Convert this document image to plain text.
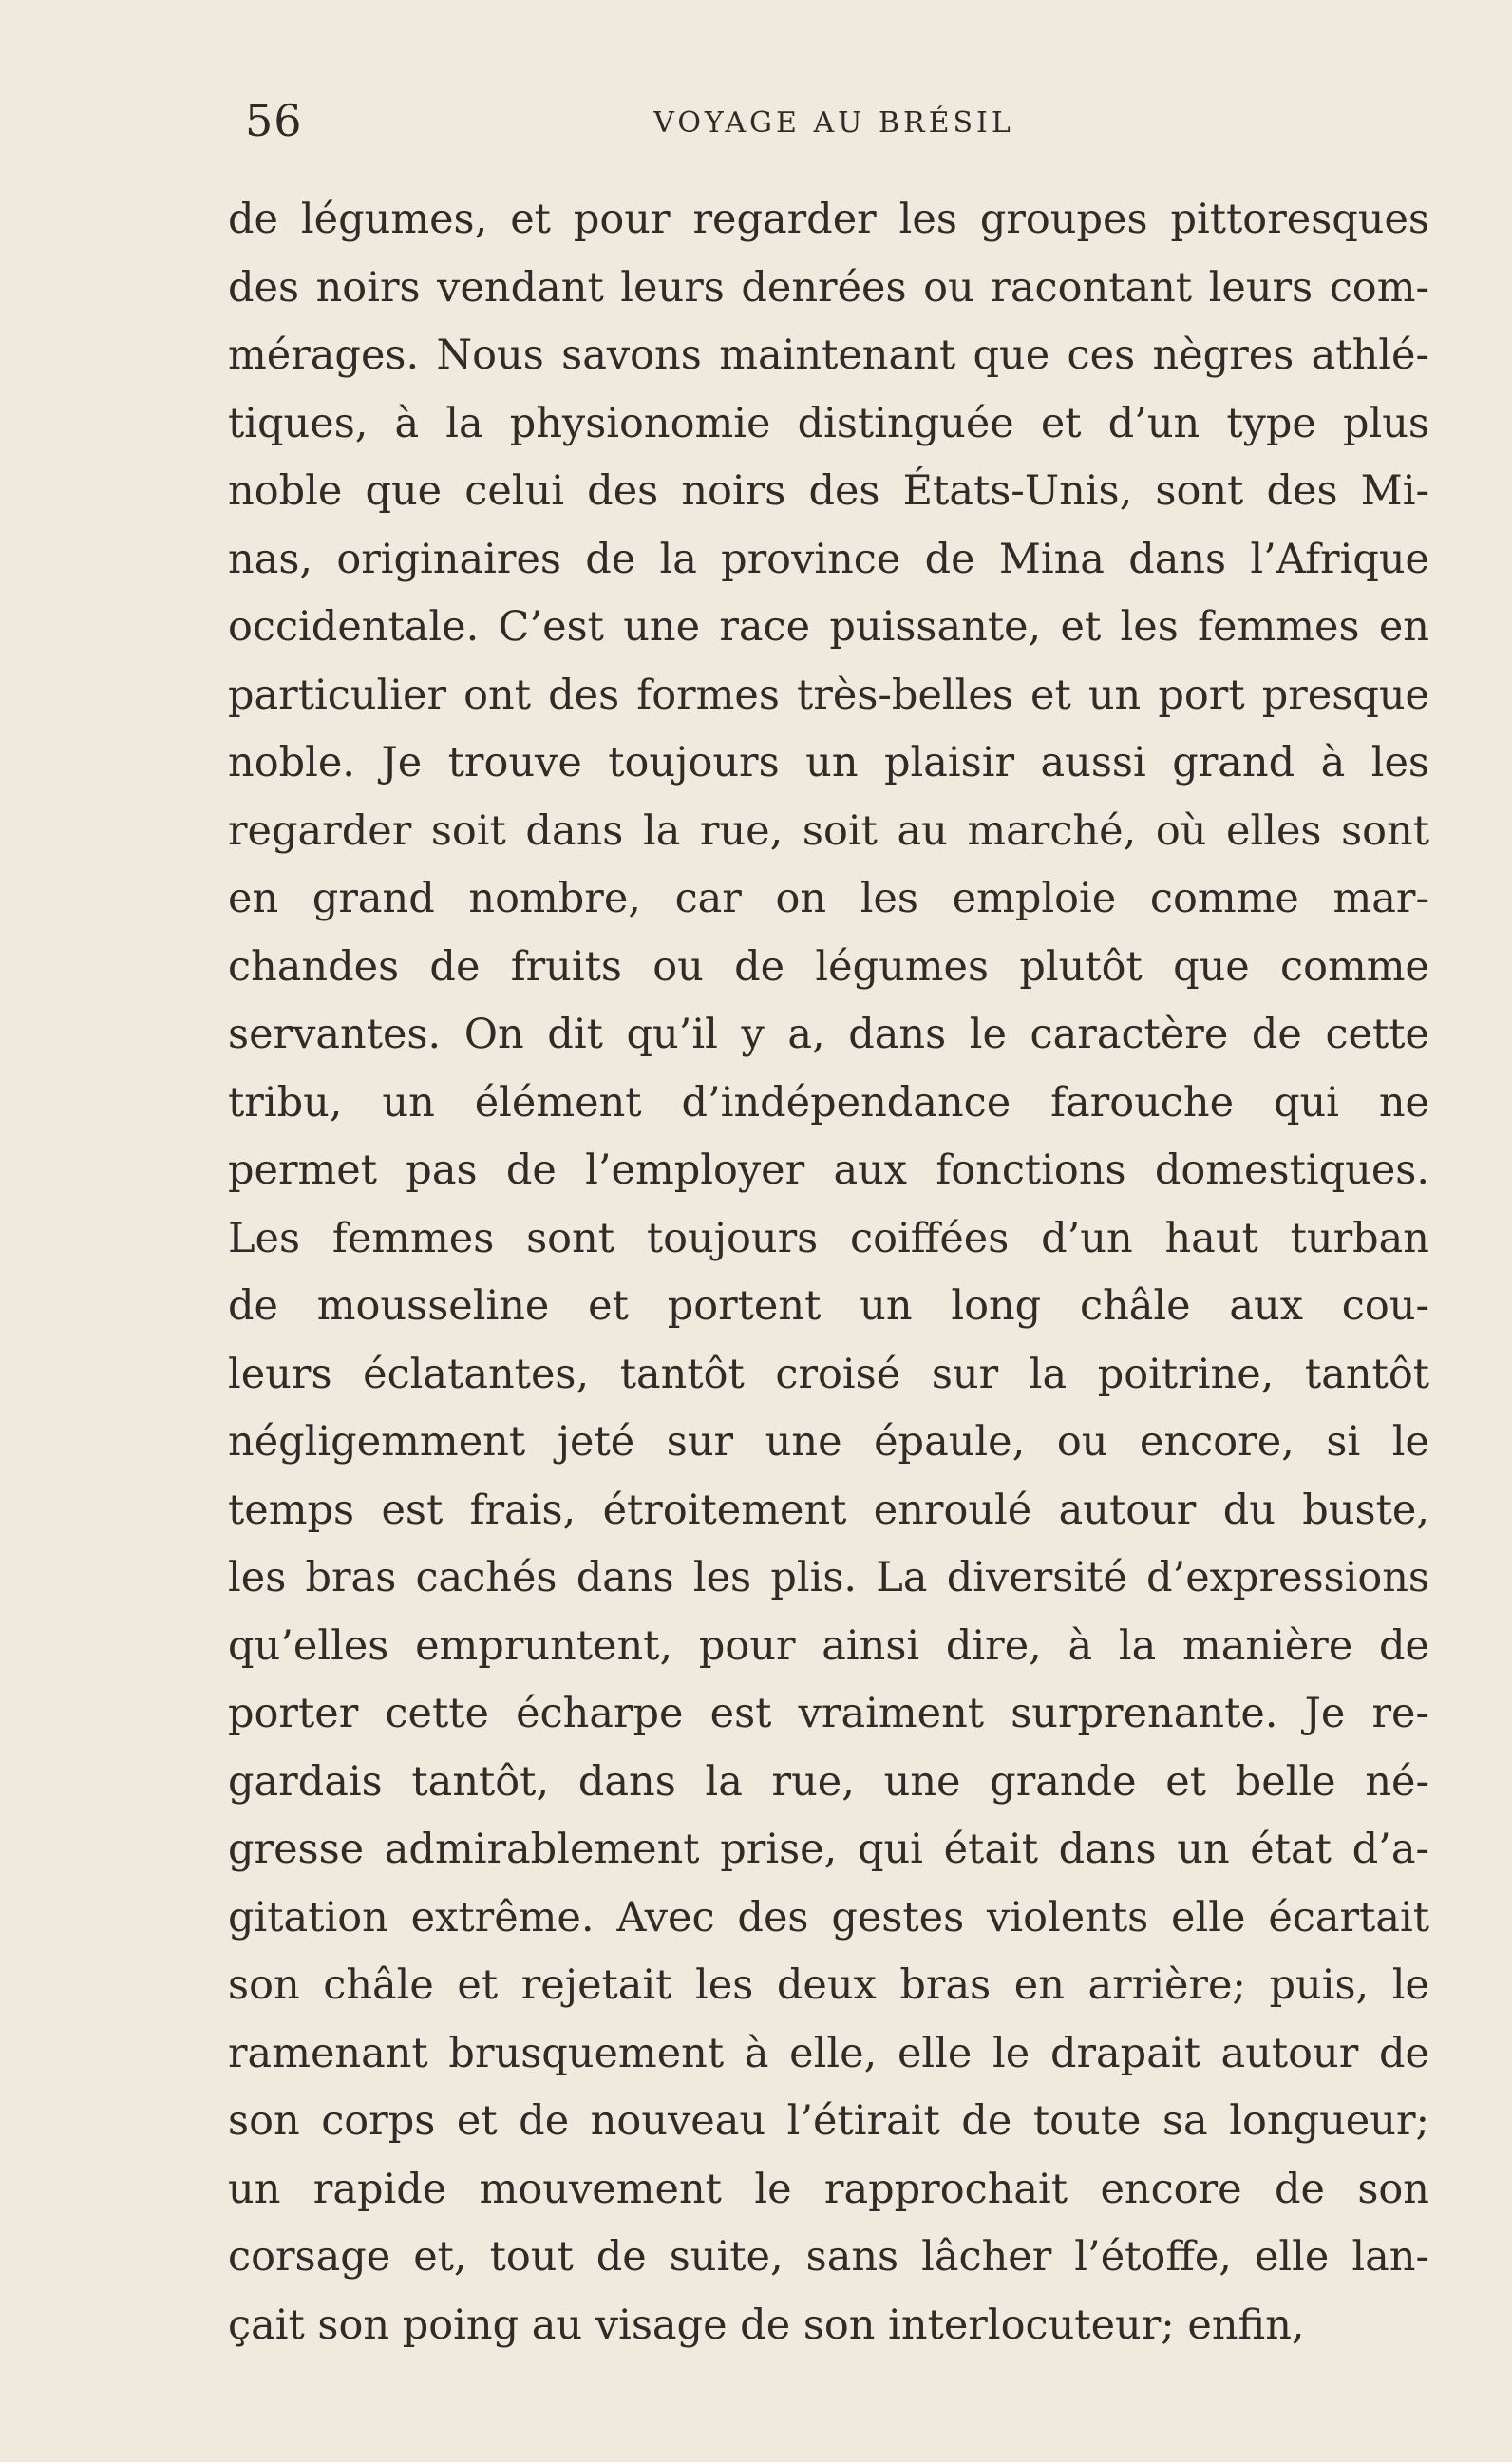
56	VOYAGE AU BRÉSIL
de légumes, et pour regarder les groupes pittoresques
des noirs vendant leurs denrées ou racontant leurs com-
mérages. Nous savons maintenant que ces nègres athlé-
tiques, à la physionomie distinguée et d’un type plus
noble que celui des noirs des États-Unis, sont des Mi-
nas, originaires de la province de Mina dans l’Afrique
occidentale. C’est une race puissante, et les femmes en
particulier ont des formes très-belles et un port presque
noble. Je trouve toujours un plaisir aussi grand à les
regarder soit dans la rue, soit au marché, où elles sont
en grand nombre, car on les emploie comme mar-
chandes de fruits ou de légumes plutôt que comme
servantes. On dit qu’il y a, dans le caractère de cette
tribu, un élément d’indépendance farouche qui ne
permet pas de l’employer aux fonctions domestiques.
Les femmes sont toujours coiffées d’un haut turban
de mousseline et portent un long châle aux cou-
leurs éclatantes, tantôt croisé sur la poitrine, tantôt
négligemment jeté sur une épaule, ou encore, si le
temps est frais, étroitement enroulé autour du buste,
les bras cachés dans les plis. La diversité d’expressions
qu’elles empruntent, pour ainsi dire, à la manière de
porter cette écharpe est vraiment surprenante. Je re-
gardais tantôt, dans la rue, une grande et belle né-
gresse admirablement prise, qui était dans un état d’a-
gitation extrême. Avec des gestes violents elle écartait
son châle et rejetait les deux bras en arrière; puis, le
ramenant brusquement à elle, elle le drapait autour de
son corps et de nouveau l’étirait de toute sa longueur;
un rapide mouvement le rapprochait encore de son
corsage et, tout de suite, sans lâcher l’étoffe, elle lan-
çait son poing au visage de son interlocuteur; enfin,
